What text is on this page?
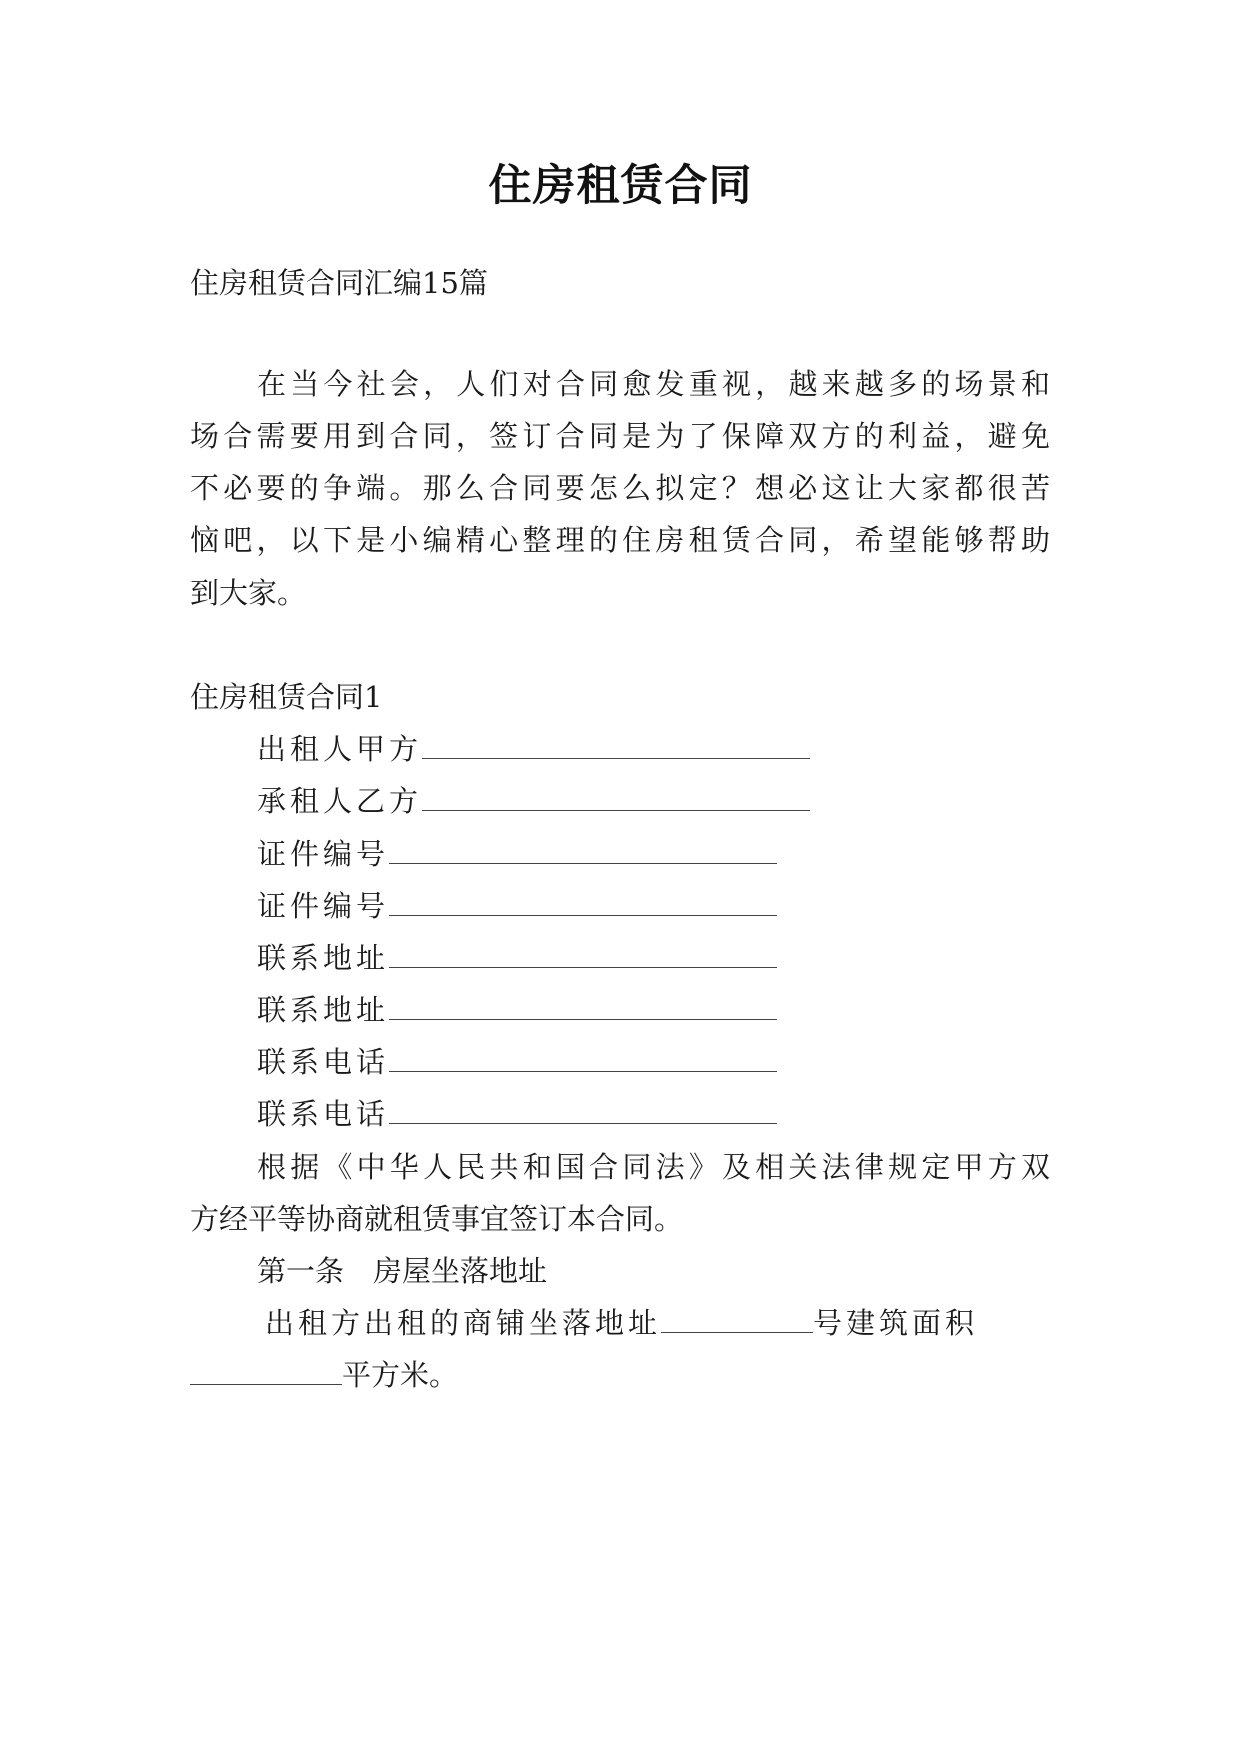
住房租赁合同

住房租赁合同汇编15篇

在当今社会，人们对合同愈发重视，越来越多的场景和

场合需要用到合同，签订合同是为了保障双方的利益，避免

不必要的争端。那么合同要怎么拟定？想必这让大家都很苦

恼吧，以下是小编精心整理的住房租赁合同，希望能够帮助

到大家。

住房租赁合同1

出租人甲方

承租人乙方

证件编号

证件编号

联系地址

联系地址

联系电话

联系电话

根据《中华人民共和国合同法》及相关法律规定甲方双

方经平等协商就租赁事宜签订本合同。

第一条　房屋坐落地址

出租方出租的商铺坐落地址	号建筑面积

平方米。
